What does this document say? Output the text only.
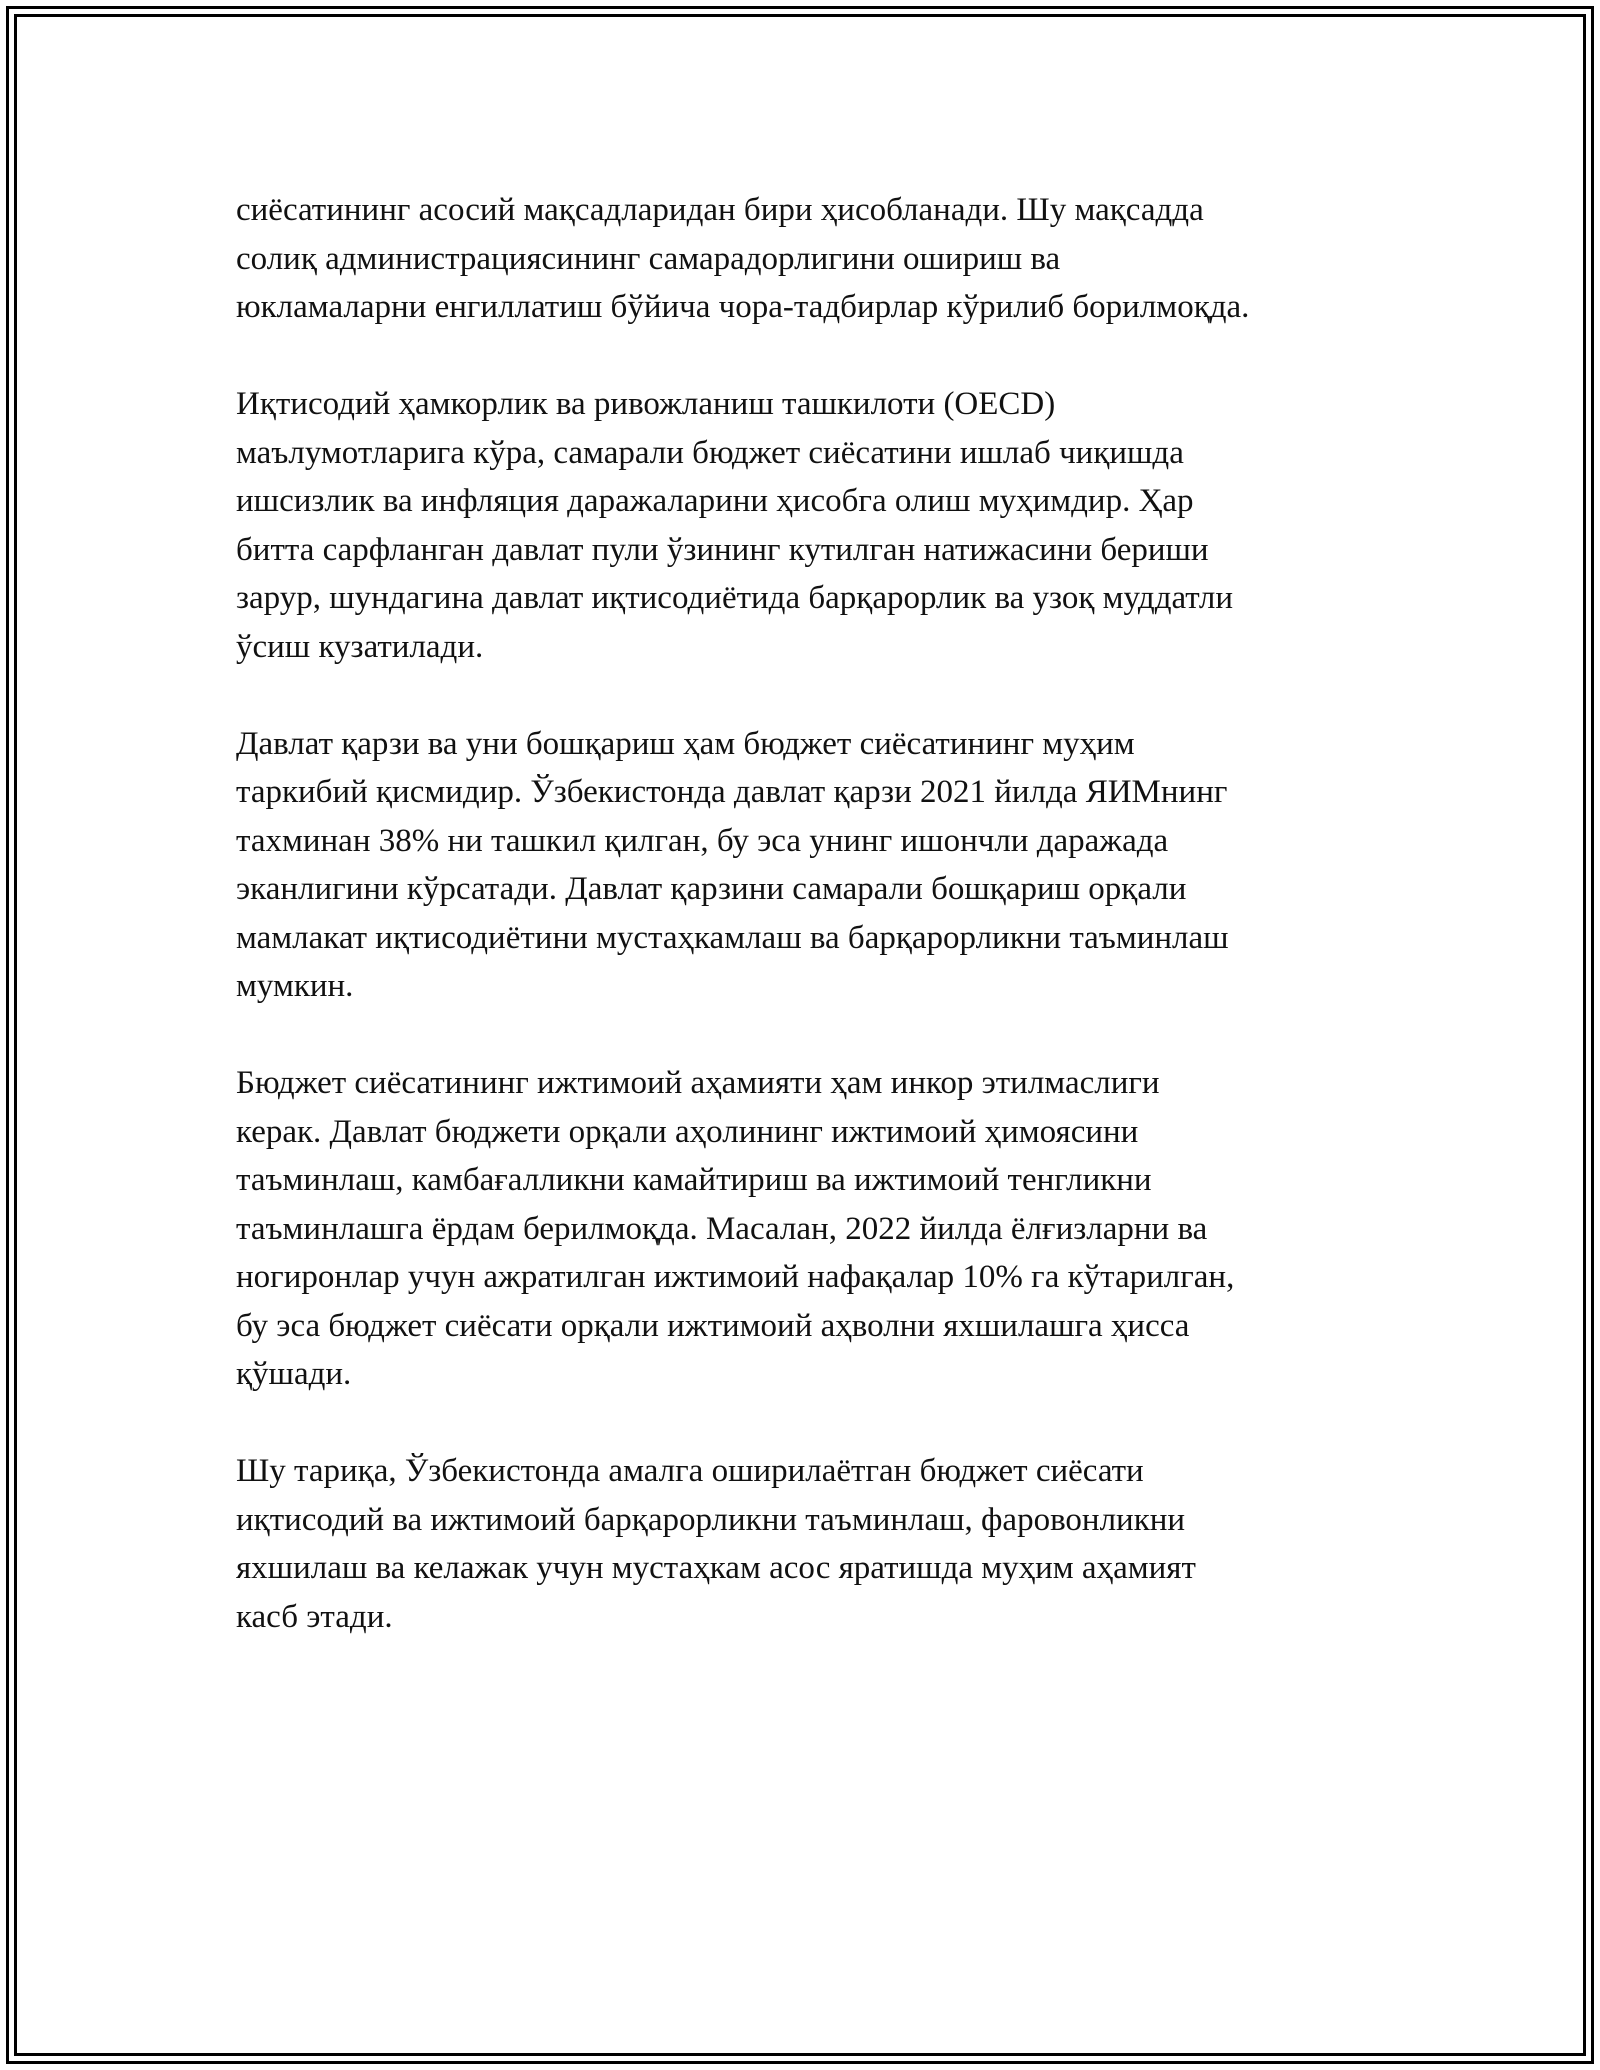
сиёсатининг асосий мақсадларидан бири ҳисобланади. Шу мақсадда
солиқ администрациясининг самарадорлигини ошириш ва
юкламаларни енгиллатиш бўйича чора-тадбирлар кўрилиб борилмоқда.

Иқтисодий ҳамкорлик ва ривожланиш ташкилоти (OECD)
маълумотларига кўра, самарали бюджет сиёсатини ишлаб чиқишда
ишсизлик ва инфляция даражаларини ҳисобга олиш муҳимдир. Ҳар
битта сарфланган давлат пули ўзининг кутилган натижасини бериши
зарур, шундагина давлат иқтисодиётида барқарорлик ва узоқ муддатли
ўсиш кузатилади.

Давлат қарзи ва уни бошқариш ҳам бюджет сиёсатининг муҳим
таркибий қисмидир. Ўзбекистонда давлат қарзи 2021 йилда ЯИМнинг
тахминан 38% ни ташкил қилган, бу эса унинг ишончли даражада
эканлигини кўрсатади. Давлат қарзини самарали бошқариш орқали
мамлакат иқтисодиётини мустаҳкамлаш ва барқарорликни таъминлаш
мумкин.

Бюджет сиёсатининг ижтимоий аҳамияти ҳам инкор этилмаслиги
керак. Давлат бюджети орқали аҳолининг ижтимоий ҳимоясини
таъминлаш, камбағалликни камайтириш ва ижтимоий тенгликни
таъминлашга ёрдам берилмоқда. Масалан, 2022 йилда ёлғизларни ва
ногиронлар учун ажратилган ижтимоий нафақалар 10% га кўтарилган,
бу эса бюджет сиёсати орқали ижтимоий аҳволни яхшилашга ҳисса
қўшади.

Шу тариқа, Ўзбекистонда амалга оширилаётган бюджет сиёсати
иқтисодий ва ижтимоий барқарорликни таъминлаш, фаровонликни
яхшилаш ва келажак учун мустаҳкам асос яратишда муҳим аҳамият
касб этади.
